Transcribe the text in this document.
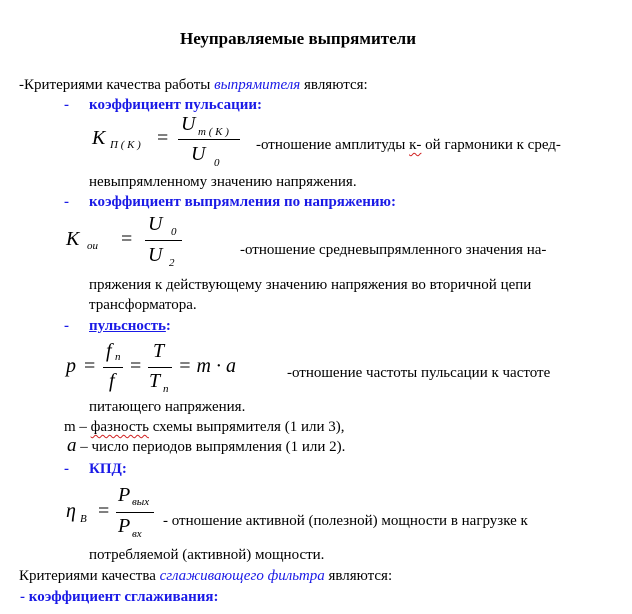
Неуправляемые выпрямители
-Критериями качества работы выпрямителя являются:
- коэффициент пульсации:
K П ( К ) =
U m ( K )
U 0
-отношение амплитуды к- ой гармоники к сред-
невыпрямленному значению напряжения.
- коэффициент выпрямления по напряжению:
K ои =
U 0
U 2
-отношение средневыпрямленного значения на-
пряжения к действующему значению напряжения во вторичной цепи
трансформатора.
- пульсность:
p =
f n
f
=
T
T n
= m · a	-отношение частоты пульсации к частоте
питающего напряжения.
m – фазность схемы выпрямителя (1 или 3),
a – число периодов выпрямления (1 или 2).
- КПД:
η В =
P вых
P вх
- отношение активной (полезной) мощности в нагрузке к
потребляемой (активной) мощности.
Критериями качества сглаживающего фильтра являются:
- коэффициент сглаживания:
